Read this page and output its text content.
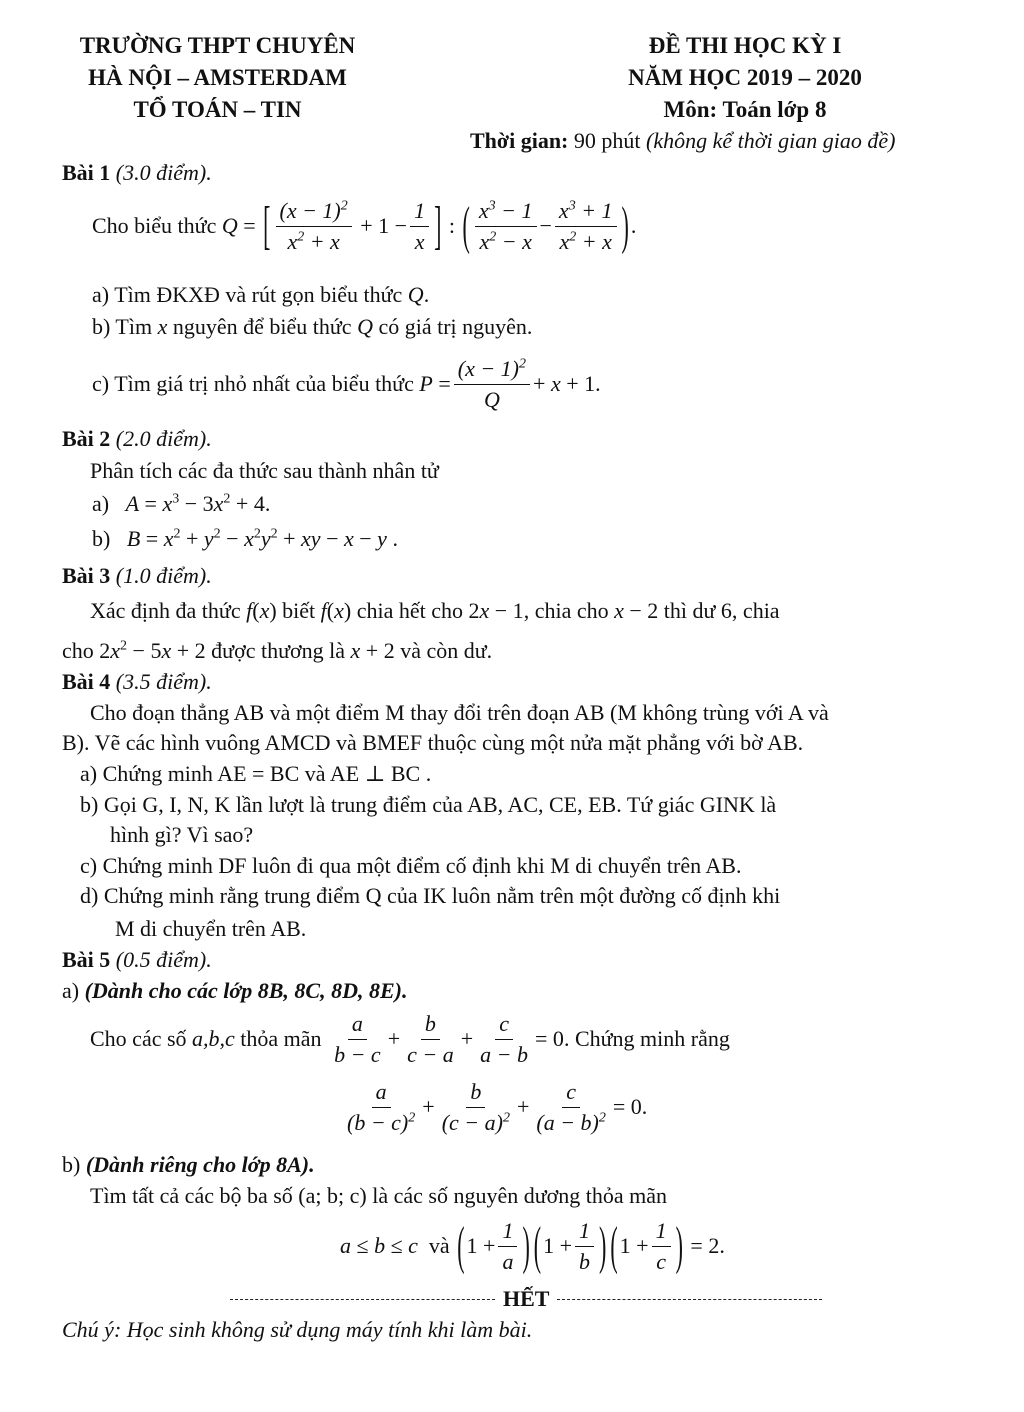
TRƯỜNG THPT CHUYÊN
HÀ NỘI – AMSTERDAM
TỔ TOÁN – TIN
ĐỀ THI HỌC KỲ I
NĂM HỌC 2019 – 2020
Môn: Toán lớp 8
Thời gian: 90 phút (không kể thời gian giao đề)
Bài 1 (3.0 điểm).
Cho biểu thức
Q = [ $\frac{(x - 1)^2}{x^2 + x} + 1 - \frac{1}{x}$ ] : ( $\frac{x^3 - 1}{x^2 - x} - \frac{x^3 + 1}{x^2 + x}$ ) .
a) Tìm ĐKXĐ và rút gọn biểu thức Q.
b) Tìm x nguyên để biểu thức Q có giá trị nguyên.
c) Tìm giá trị nhỏ nhất của biểu thức
$P = \frac{(x - 1)^2}{Q} + x + 1$.
Bài 2 (2.0 điểm).
Phân tích các đa thức sau thành nhân tử
a) $A = x^3 - 3x^2 + 4$.
b) $B = x^2 + y^2 - x^2y^2$ + xy − x − y .
Bài 3 (1.0 điểm).
Xác định đa thức f(x) biết f(x) chia hết cho 2x − 1, chia cho x − 2 thì dư 6, chia
cho $2x^2 - 5x + 2$ được thương là x + 2 và còn dư.
Bài 4 (3.5 điểm).
Cho đoạn thẳng AB và một điểm M thay đổi trên đoạn AB (M không trùng với A và
B). Vẽ các hình vuông AMCD và BMEF thuộc cùng một nửa mặt phẳng với bờ AB.
a) Chứng minh AE = BC và AE ⊥ BC .
b) Gọi G, I, N, K lần lượt là trung điểm của AB, AC, CE, EB. Tứ giác GINK là
hình gì? Vì sao?
c) Chứng minh DF luôn đi qua một điểm cố định khi M di chuyển trên AB.
d) Chứng minh rằng trung điểm Q của IK luôn nằm trên một đường cố định khi
M di chuyển trên AB.
Bài 5 (0.5 điểm).
a) (Dành cho các lớp 8B, 8C, 8D, 8E).
Cho các số
a,b,c
thỏa mãn
$\frac{a}{b - c} + \frac{b}{c - a} + \frac{c}{a - b} = 0$ . Chứng minh rằng
$\frac{a}{(b - c)^2} + \frac{b}{(c - a)^2} + \frac{c}{(a - b)^2} = 0$.
b) (Dành riêng cho lớp 8A).
Tìm tất cả các bộ ba số (a; b; c) là các số nguyên dương thỏa mãn
a ≤ b ≤ c
và
( $1 + \frac{1}{a}$ ) ( $1 + \frac{1}{b}$ ) ( $1 + \frac{1}{c}$ ) = 2.
HẾT
Chú ý: Học sinh không sử dụng máy tính khi làm bài.
